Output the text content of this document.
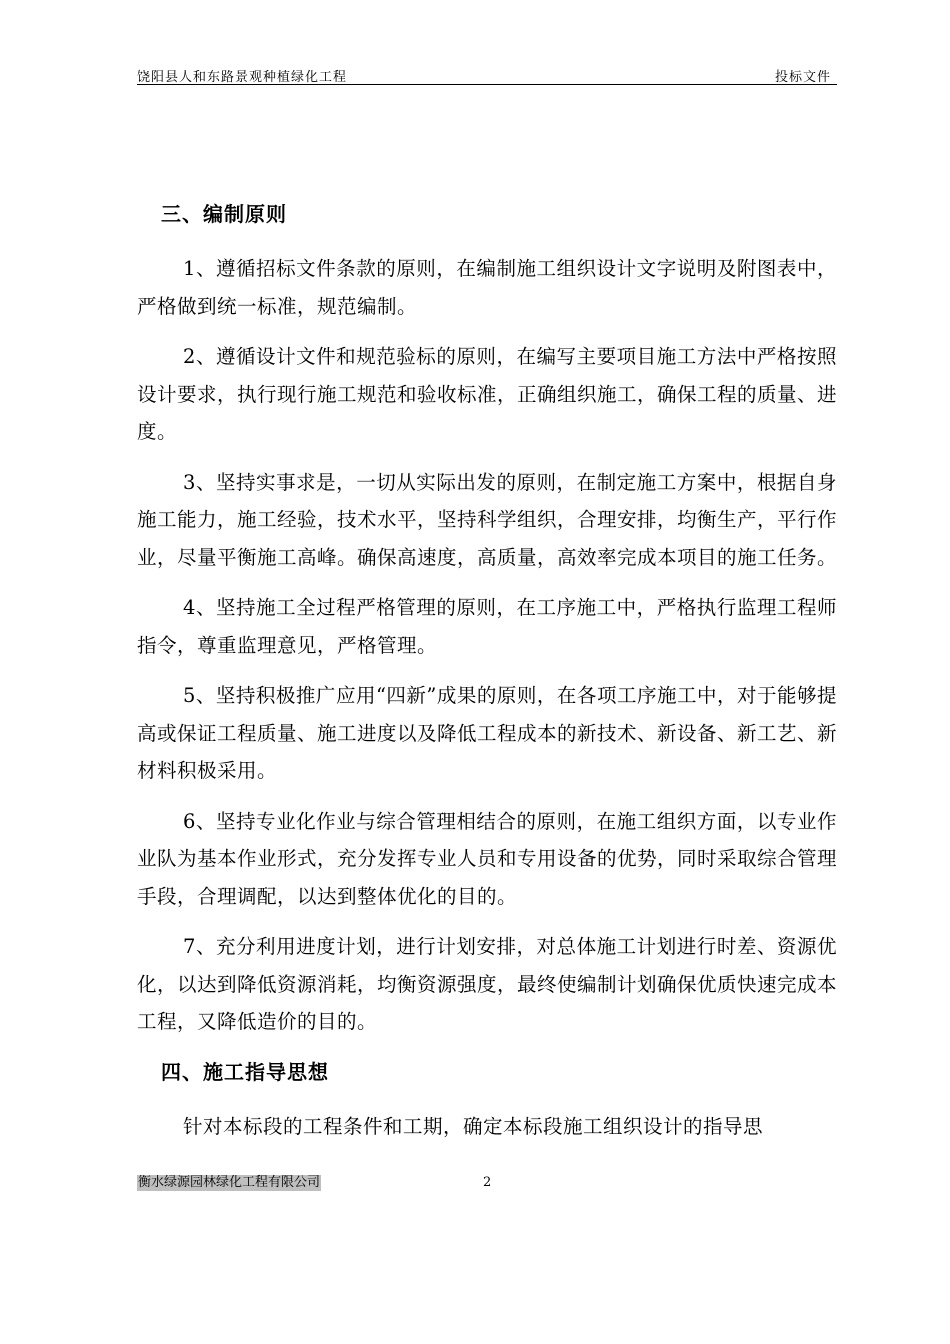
饶阳县人和东路景观种植绿化工程	投标文件
三、编制原则

1、遵循招标文件条款的原则，在编制施工组织设计文字说明及附图表中，严格做到统一标准，规范编制。

2、遵循设计文件和规范验标的原则，在编写主要项目施工方法中严格按照设计要求，执行现行施工规范和验收标准，正确组织施工，确保工程的质量、进度。

3、坚持实事求是，一切从实际出发的原则，在制定施工方案中，根据自身施工能力，施工经验，技术水平，坚持科学组织，合理安排，均衡生产，平行作业，尽量平衡施工高峰。确保高速度，高质量，高效率完成本项目的施工任务。

4、坚持施工全过程严格管理的原则，在工序施工中，严格执行监理工程师指令，尊重监理意见，严格管理。

5、坚持积极推广应用“四新”成果的原则，在各项工序施工中，对于能够提高或保证工程质量、施工进度以及降低工程成本的新技术、新设备、新工艺、新材料积极采用。

6、坚持专业化作业与综合管理相结合的原则，在施工组织方面，以专业作业队为基本作业形式，充分发挥专业人员和专用设备的优势，同时采取综合管理手段，合理调配，以达到整体优化的目的。

7、充分利用进度计划，进行计划安排，对总体施工计划进行时差、资源优化，以达到降低资源消耗，均衡资源强度，最终使编制计划确保优质快速完成本工程，又降低造价的目的。

四、施工指导思想

针对本标段的工程条件和工期，确定本标段施工组织设计的指导思

衡水绿源园林绿化工程有限公司	2
